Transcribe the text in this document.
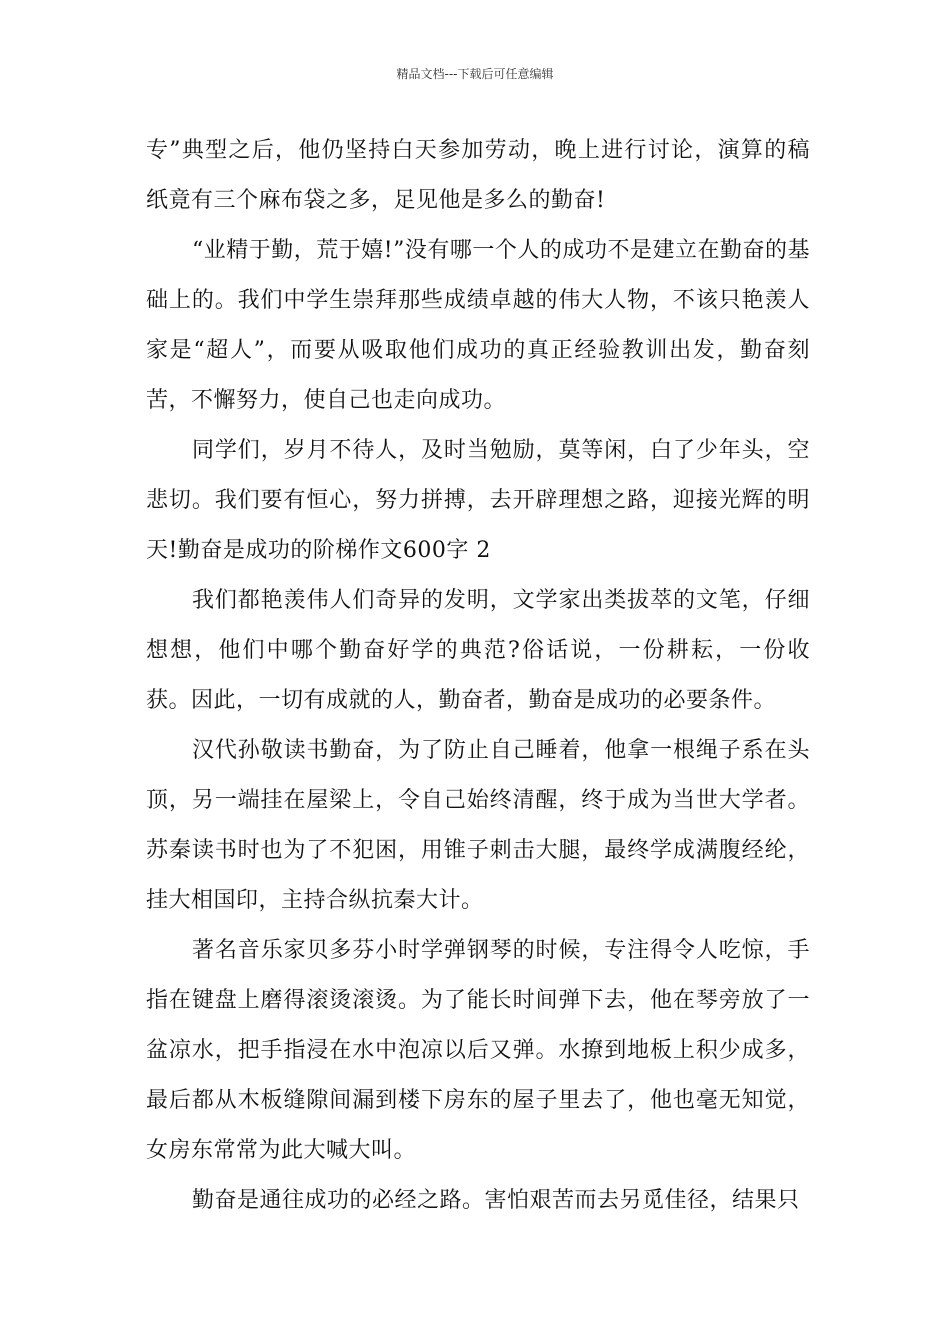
精品文档---下载后可任意编辑

专”典型之后，他仍坚持白天参加劳动，晚上进行讨论，演算的稿纸竟有三个麻布袋之多，足见他是多么的勤奋!

“业精于勤，荒于嬉!”没有哪一个人的成功不是建立在勤奋的基础上的。我们中学生崇拜那些成绩卓越的伟大人物，不该只艳羡人家是“超人”，而要从吸取他们成功的真正经验教训出发，勤奋刻苦，不懈努力，使自己也走向成功。

同学们，岁月不待人，及时当勉励，莫等闲，白了少年头，空悲切。我们要有恒心，努力拼搏，去开辟理想之路，迎接光辉的明天!勤奋是成功的阶梯作文600字 2

我们都艳羡伟人们奇异的发明，文学家出类拔萃的文笔，仔细想想，他们中哪个勤奋好学的典范?俗话说，一份耕耘，一份收获。因此，一切有成就的人，勤奋者，勤奋是成功的必要条件。

汉代孙敬读书勤奋，为了防止自己睡着，他拿一根绳子系在头顶，另一端挂在屋梁上，令自己始终清醒，终于成为当世大学者。苏秦读书时也为了不犯困，用锥子刺击大腿，最终学成满腹经纶，挂大相国印，主持合纵抗秦大计。

著名音乐家贝多芬小时学弹钢琴的时候，专注得令人吃惊，手指在键盘上磨得滚烫滚烫。为了能长时间弹下去，他在琴旁放了一盆凉水，把手指浸在水中泡凉以后又弹。水撩到地板上积少成多，最后都从木板缝隙间漏到楼下房东的屋子里去了，他也毫无知觉，女房东常常为此大喊大叫。

勤奋是通往成功的必经之路。害怕艰苦而去另觅佳径，结果只
